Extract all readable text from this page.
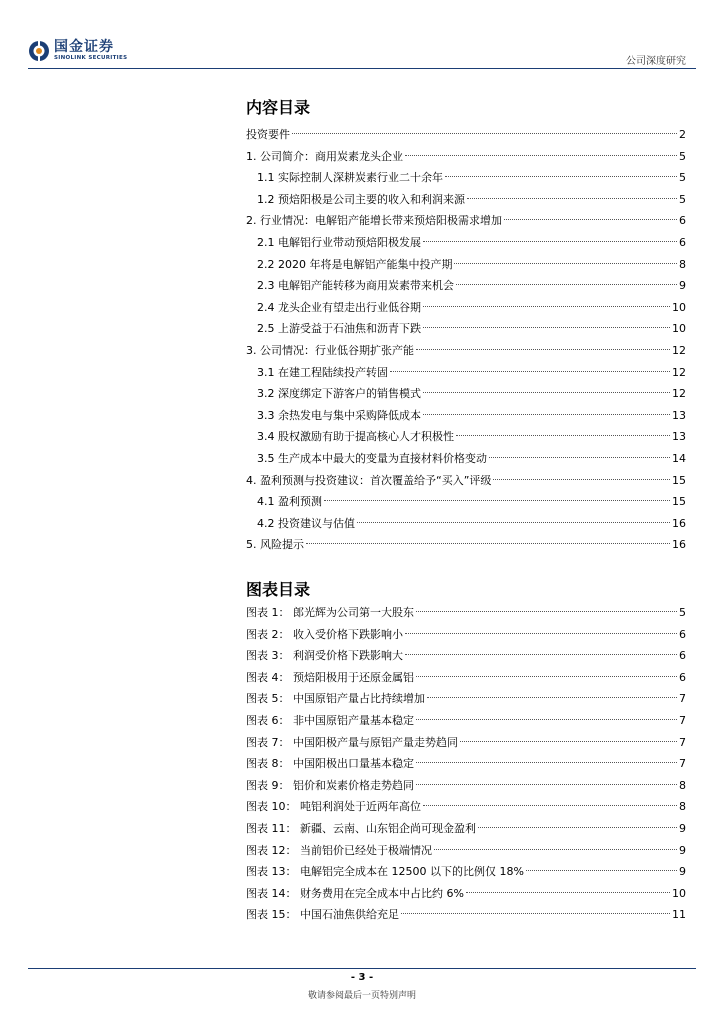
国金证券
SINOLINK SECURITIES	公司深度研究
内容目录
投资要件	2
1. 公司简介：商用炭素龙头企业	5
1.1 实际控制人深耕炭素行业二十余年	5
1.2 预焙阳极是公司主要的收入和利润来源	5
2. 行业情况：电解铝产能增长带来预焙阳极需求增加	6
2.1 电解铝行业带动预焙阳极发展	6
2.2 2020 年将是电解铝产能集中投产期	8
2.3 电解铝产能转移为商用炭素带来机会	9
2.4 龙头企业有望走出行业低谷期	10
2.5 上游受益于石油焦和沥青下跌	10
3. 公司情况：行业低谷期扩张产能	12
3.1 在建工程陆续投产转固	12
3.2 深度绑定下游客户的销售模式	12
3.3 余热发电与集中采购降低成本	13
3.4 股权激励有助于提高核心人才积极性	13
3.5 生产成本中最大的变量为直接材料价格变动	14
4. 盈利预测与投资建议：首次覆盖给予“买入”评级	15
4.1 盈利预测	15
4.2 投资建议与估值	16
5. 风险提示	16
图表目录
图表 1： 郎光辉为公司第一大股东	5
图表 2： 收入受价格下跌影响小	6
图表 3： 利润受价格下跌影响大	6
图表 4： 预焙阳极用于还原金属铝	6
图表 5： 中国原铝产量占比持续增加	7
图表 6： 非中国原铝产量基本稳定	7
图表 7： 中国阳极产量与原铝产量走势趋同	7
图表 8： 中国阳极出口量基本稳定	7
图表 9： 铝价和炭素价格走势趋同	8
图表 10： 吨铝利润处于近两年高位	8
图表 11： 新疆、云南、山东铝企尚可现金盈利	9
图表 12： 当前铝价已经处于极端情况	9
图表 13： 电解铝完全成本在 12500 以下的比例仅 18%	9
图表 14： 财务费用在完全成本中占比约 6%	10
图表 15： 中国石油焦供给充足	11
- 3 -
敬请参阅最后一页特别声明
